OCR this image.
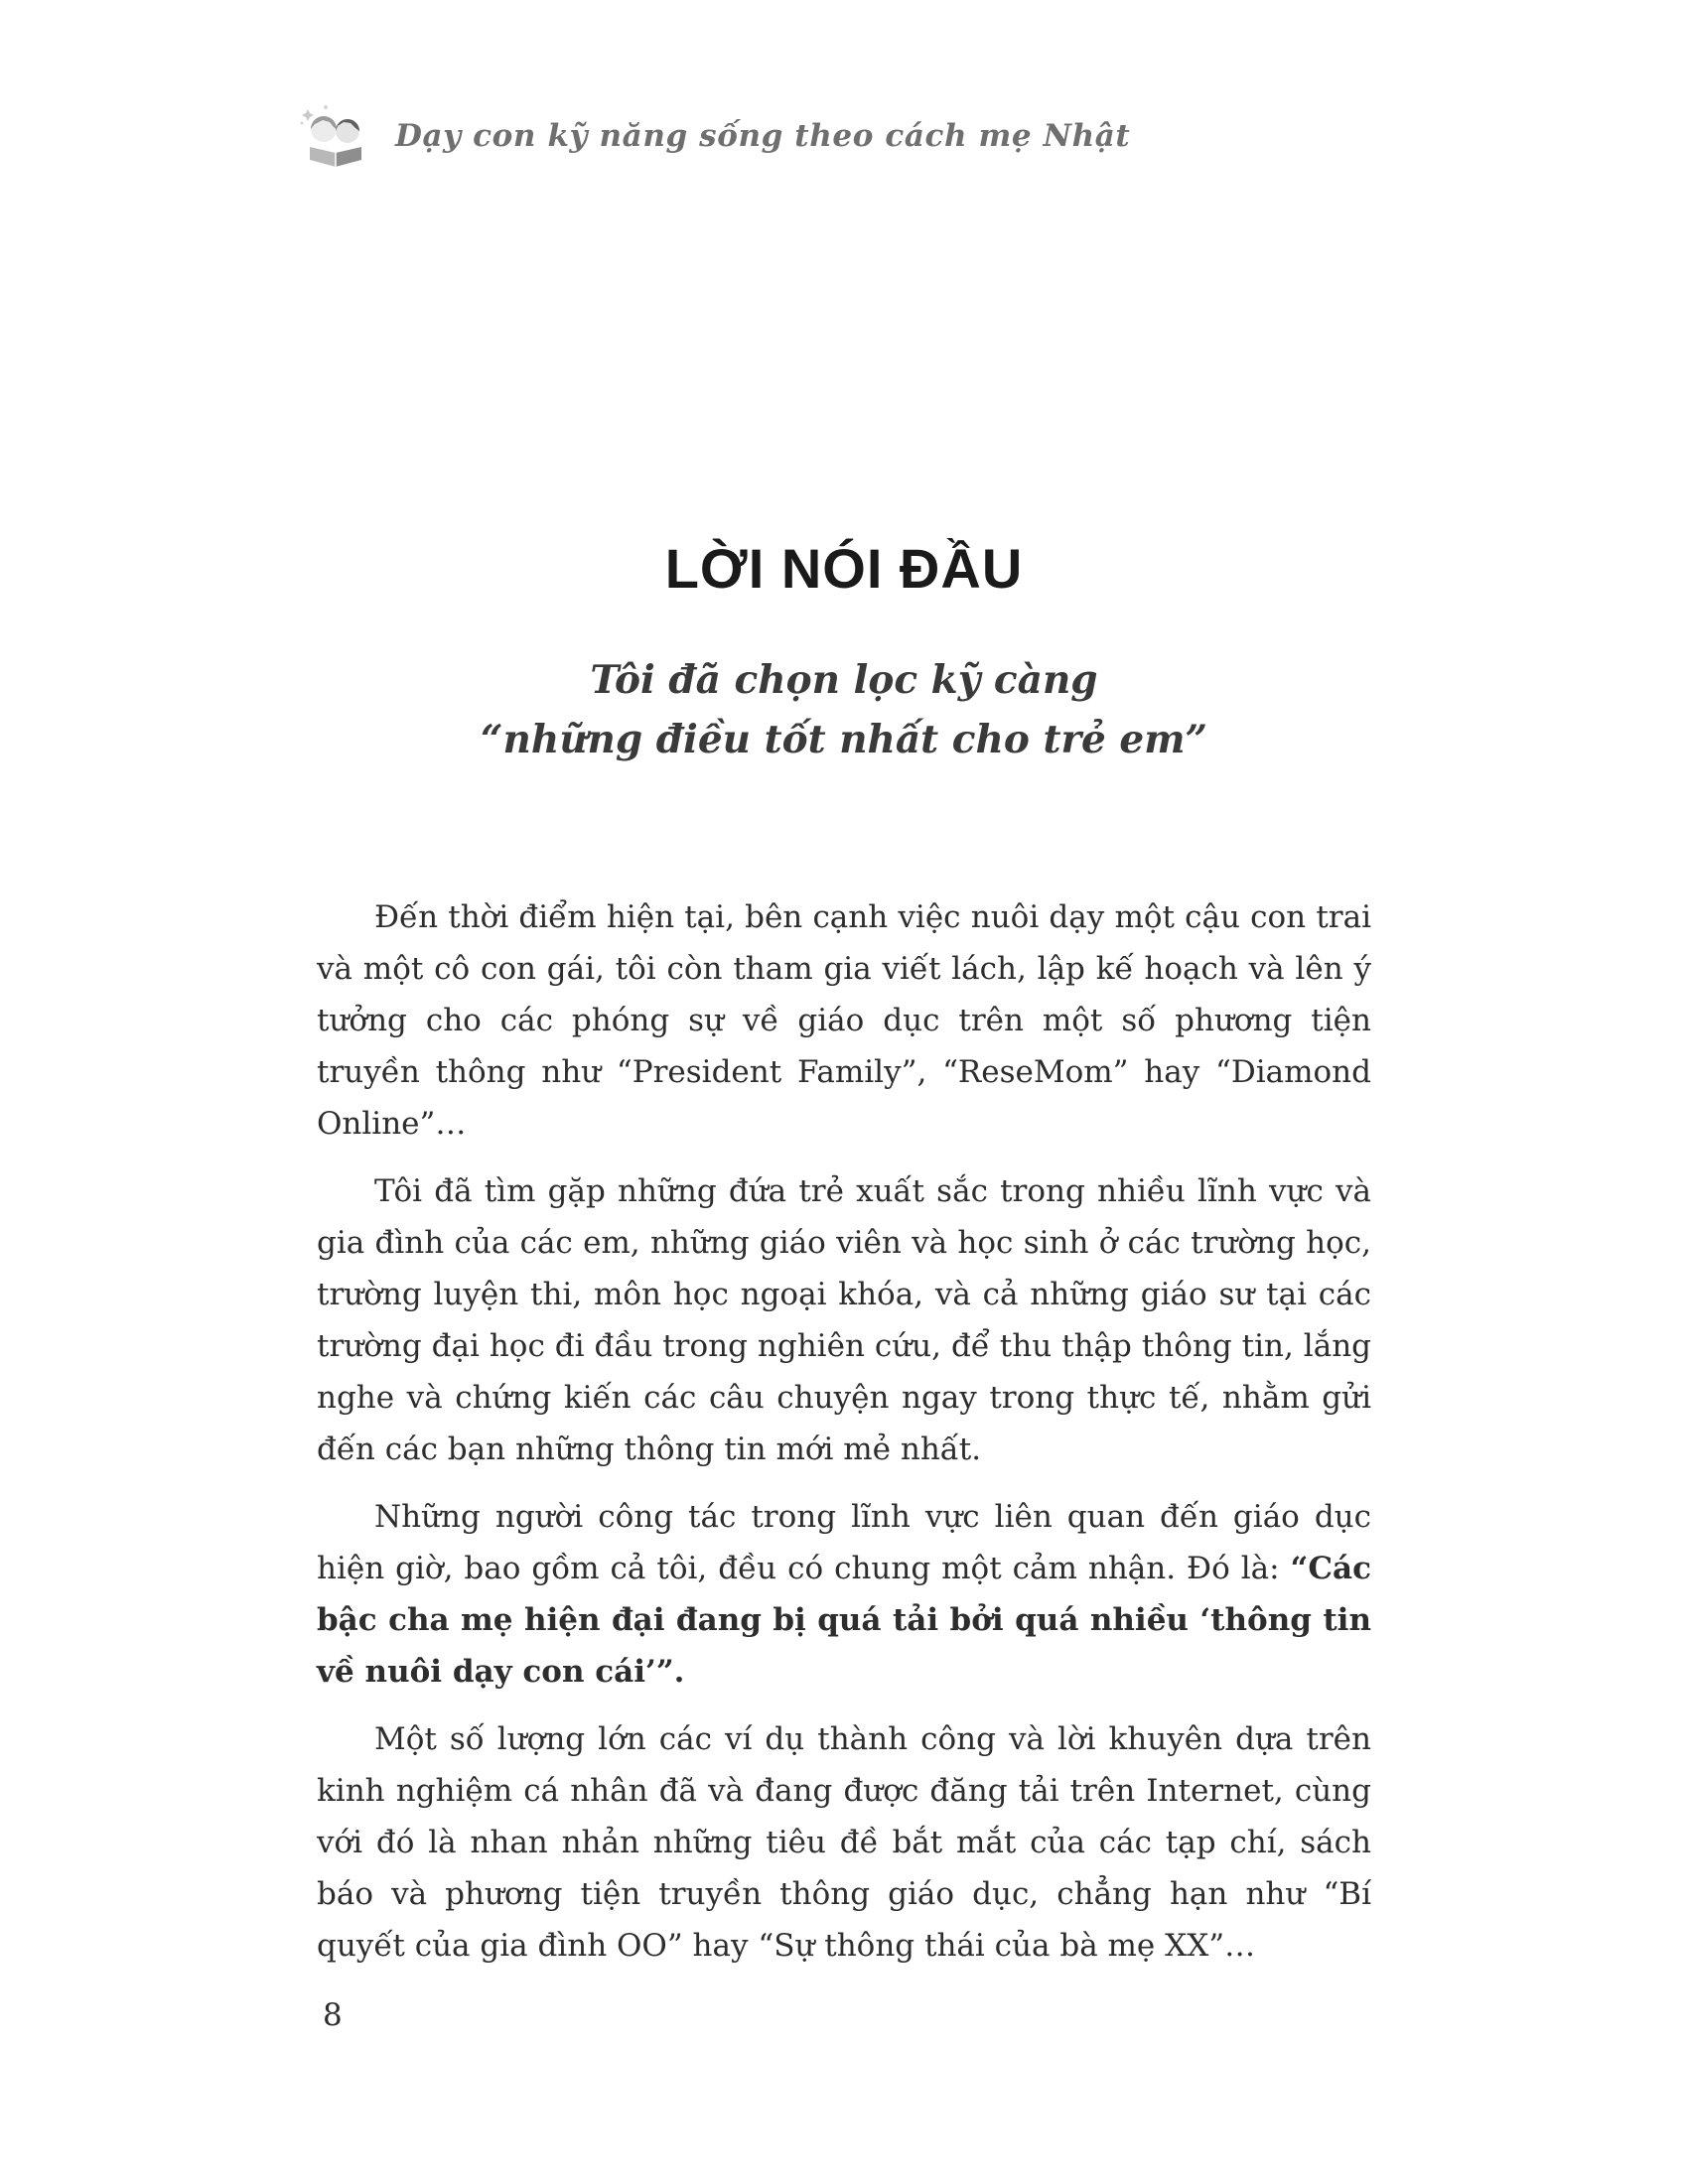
Dạy con kỹ năng sống theo cách mẹ Nhật
LỜI NÓI ĐẦU
Tôi đã chọn lọc kỹ càng
“những điều tốt nhất cho trẻ em”

Đến thời điểm hiện tại, bên cạnh việc nuôi dạy một cậu con trai và một cô con gái, tôi còn tham gia viết lách, lập kế hoạch và lên ý tưởng cho các phóng sự về giáo dục trên một số phương tiện truyền thông như “President Family”, “ReseMom” hay “Diamond Online”…

Tôi đã tìm gặp những đứa trẻ xuất sắc trong nhiều lĩnh vực và gia đình của các em, những giáo viên và học sinh ở các trường học, trường luyện thi, môn học ngoại khóa, và cả những giáo sư tại các trường đại học đi đầu trong nghiên cứu, để thu thập thông tin, lắng nghe và chứng kiến các câu chuyện ngay trong thực tế, nhằm gửi đến các bạn những thông tin mới mẻ nhất.

Những người công tác trong lĩnh vực liên quan đến giáo dục hiện giờ, bao gồm cả tôi, đều có chung một cảm nhận. Đó là: “Các bậc cha mẹ hiện đại đang bị quá tải bởi quá nhiều ‘thông tin về nuôi dạy con cái’”.

Một số lượng lớn các ví dụ thành công và lời khuyên dựa trên kinh nghiệm cá nhân đã và đang được đăng tải trên Internet, cùng với đó là nhan nhản những tiêu đề bắt mắt của các tạp chí, sách báo và phương tiện truyền thông giáo dục, chẳng hạn như “Bí quyết của gia đình OO” hay “Sự thông thái của bà mẹ XX”…

8
